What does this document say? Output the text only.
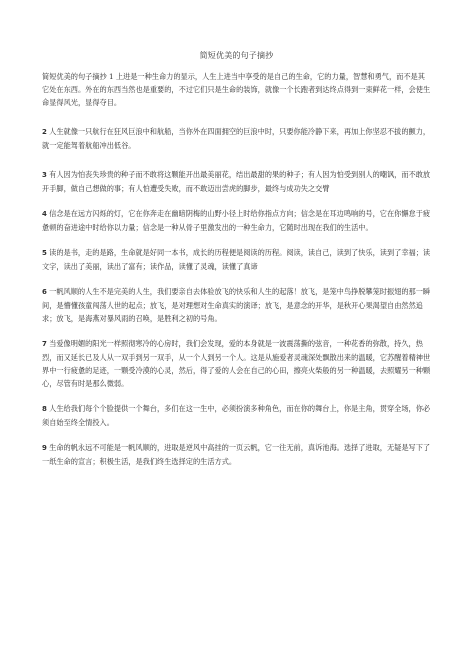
简短优美的句子摘抄

简短优美的句子摘抄 1 上进是一种生命力的显示，人生上进当中享受的是自己的生命，它的力量，智慧和勇气，而不是其它处在东西。外在的东西当然也是重要的，不过它们只是生命的装饰，就像一个长跑者到达终点得到一束鲜花一样，会使生命显得风光，显得夺目。

2 人生就像一只航行在狂风巨浪中和航船，当你外在四面拥空的巨浪中时，只要你能冷静下来，再加上你坚忍不拔的颤力，就一定能驾着航船冲出低谷。

3 有人因为怕丧失珍贵的种子而不敢将这颗能开出最美丽花，结出最甜的果的种子；有人因为怕受到别人的嘲讽，而不敢放开手脚，做自己想做的事；有人怕遭受失败，而不敢迈出尝虎的脚步，最终与成功失之交臂

4 信念是在远方闪烁的灯，它在你奔走在幽暗阴梅的山野小径上时给你指点方向；信念是在耳边鸣响的号，它在你懈怠于疲惫顿的奋进途中时给你以力量；信念是一种从骨子里激发出的一种生命力，它随时出现在我们的生活中。

5 读的是书，走的是路，生命就是好同一本书，成长的历程便是阅读的历程。阅读，读自己，读到了快乐，读到了幸福；读文字，读出了美丽，读出了富有；读作品，读懂了灵魂，读懂了真谛

6 一帆风顺的人生不是完美的人生，我们要亲自去体验放飞的快乐和人生的起落！放飞，是笼中鸟挣脱攀笼时振翅的那一瞬间，是懵懂孩童闯荡人世的起点；放飞，是对理想对生命真实的演译；放飞，是意念的开华，是秋开心果渴望自由然然追求；放飞，是海燕对暴风雨的召唤，是胜利之初的号角。

7 当爱像明媚的阳光一样照彻寒冷的心房时，我们会发现，爱的本身就是一波震荡撕的弦音，一种花香的弥散，持久，热烈，而又延长已及人从一双手到另一双手，从一个人到另一个人。这是从施爱者灵魂深处飘散出来的温暖，它苏醒着精神世界中一行疲惫的足迹，一颗受冷漠的心灵，然后，得了爱的人会在自己的心田，擦亮火柴般的另一种温暖，去照耀另一种颗心，尽管有时是那么微弱。

8 人生给我们每个个脸提供一个舞台，多们在这一生中，必须扮演多种角色，而在你的舞台上，你是主角，贯穿全场，你必须自始至终全情投入。

9 生命的帆永远不可能是一帆风顺的，进取是逆风中高挂的一页云帆，它一往无前，真诉池海。选择了进取，无疑是写下了一纸生命的宣言；积极生活，是我们终生选择定的生活方式。
